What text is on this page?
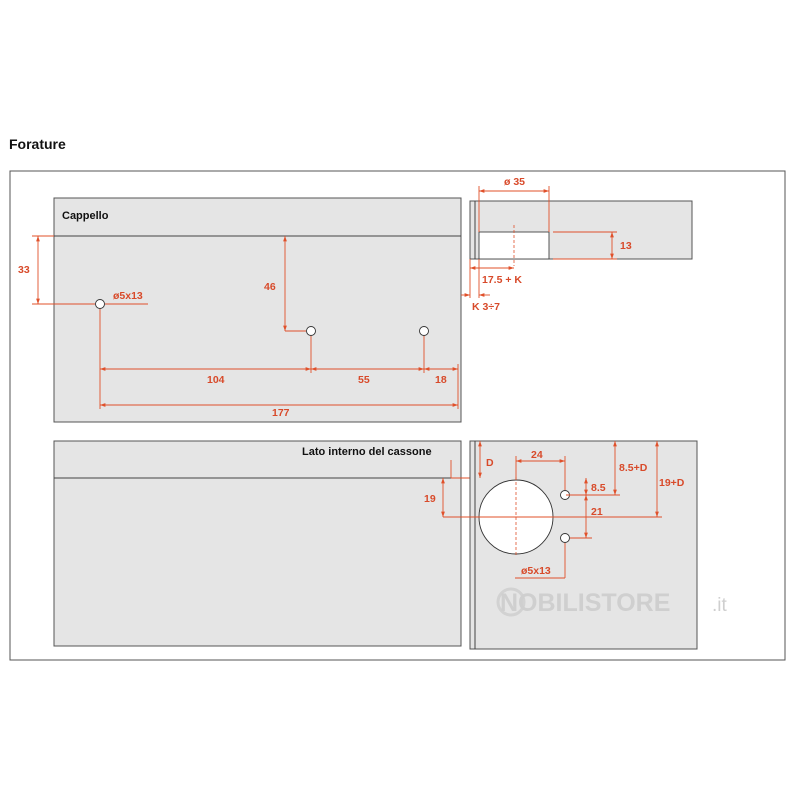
Forature
Cappello
33
ø5x13
46
104	55	18
177
ø 35
13
17.5 + K
K 3÷7
Lato interno del cassone
19
D
24
8.5
8.5+D
21
19+D
ø5x13
NOBILISTORE .it
